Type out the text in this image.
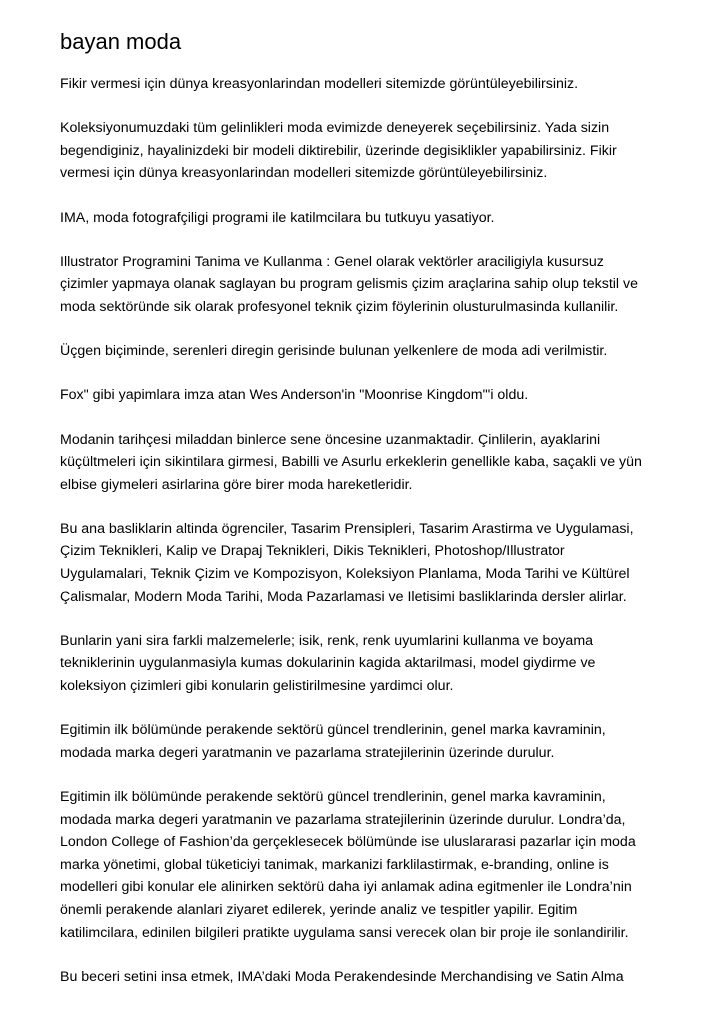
bayan moda
Fikir vermesi için dünya kreasyonlarindan modelleri sitemizde görüntüleyebilirsiniz.
Koleksiyonumuzdaki tüm gelinlikleri moda evimizde deneyerek seçebilirsiniz. Yada sizin
begendiginiz, hayalinizdeki bir modeli diktirebilir, üzerinde degisiklikler yapabilirsiniz. Fikir
vermesi için dünya kreasyonlarindan modelleri sitemizde görüntüleyebilirsiniz.
IMA, moda fotografçiligi programi ile katilmcilara bu tutkuyu yasatiyor.
Illustrator Programini Tanima ve Kullanma : Genel olarak vektörler araciligiyla kusursuz
çizimler yapmaya olanak saglayan bu program gelismis çizim araçlarina sahip olup tekstil ve
moda sektöründe sik olarak profesyonel teknik çizim föylerinin olusturulmasinda kullanilir.
Üçgen biçiminde, serenleri diregin gerisinde bulunan yelkenlere de moda adi verilmistir.
Fox" gibi yapimlara imza atan Wes Anderson'in "Moonrise Kingdom"'i oldu.
Modanin tarihçesi miladdan binlerce sene öncesine uzanmaktadir. Çinlilerin, ayaklarini
küçültmeleri için sikintilara girmesi, Babilli ve Asurlu erkeklerin genellikle kaba, saçakli ve yün
elbise giymeleri asirlarina göre birer moda hareketleridir.
Bu ana basliklarin altinda ögrenciler, Tasarim Prensipleri, Tasarim Arastirma ve Uygulamasi,
Çizim Teknikleri, Kalip ve Drapaj Teknikleri, Dikis Teknikleri, Photoshop/Illustrator
Uygulamalari, Teknik Çizim ve Kompozisyon, Koleksiyon Planlama, Moda Tarihi ve Kültürel
Çalismalar, Modern Moda Tarihi, Moda Pazarlamasi ve Iletisimi basliklarinda dersler alirlar.
Bunlarin yani sira farkli malzemelerle; isik, renk, renk uyumlarini kullanma ve boyama
tekniklerinin uygulanmasiyla kumas dokularinin kagida aktarilmasi, model giydirme ve
koleksiyon çizimleri gibi konularin gelistirilmesine yardimci olur.
Egitimin ilk bölümünde perakende sektörü güncel trendlerinin, genel marka kavraminin,
modada marka degeri yaratmanin ve pazarlama stratejilerinin üzerinde durulur.
Egitimin ilk bölümünde perakende sektörü güncel trendlerinin, genel marka kavraminin,
modada marka degeri yaratmanin ve pazarlama stratejilerinin üzerinde durulur. Londra’da,
London College of Fashion’da gerçeklesecek bölümünde ise uluslararasi pazarlar için moda
marka yönetimi, global tüketiciyi tanimak, markanizi farklilastirmak, e-branding, online is
modelleri gibi konular ele alinirken sektörü daha iyi anlamak adina egitmenler ile Londra’nin
önemli perakende alanlari ziyaret edilerek, yerinde analiz ve tespitler yapilir. Egitim
katilimcilara, edinilen bilgileri pratikte uygulama sansi verecek olan bir proje ile sonlandirilir.
Bu beceri setini insa etmek, IMA’daki Moda Perakendesinde Merchandising ve Satin Alma
